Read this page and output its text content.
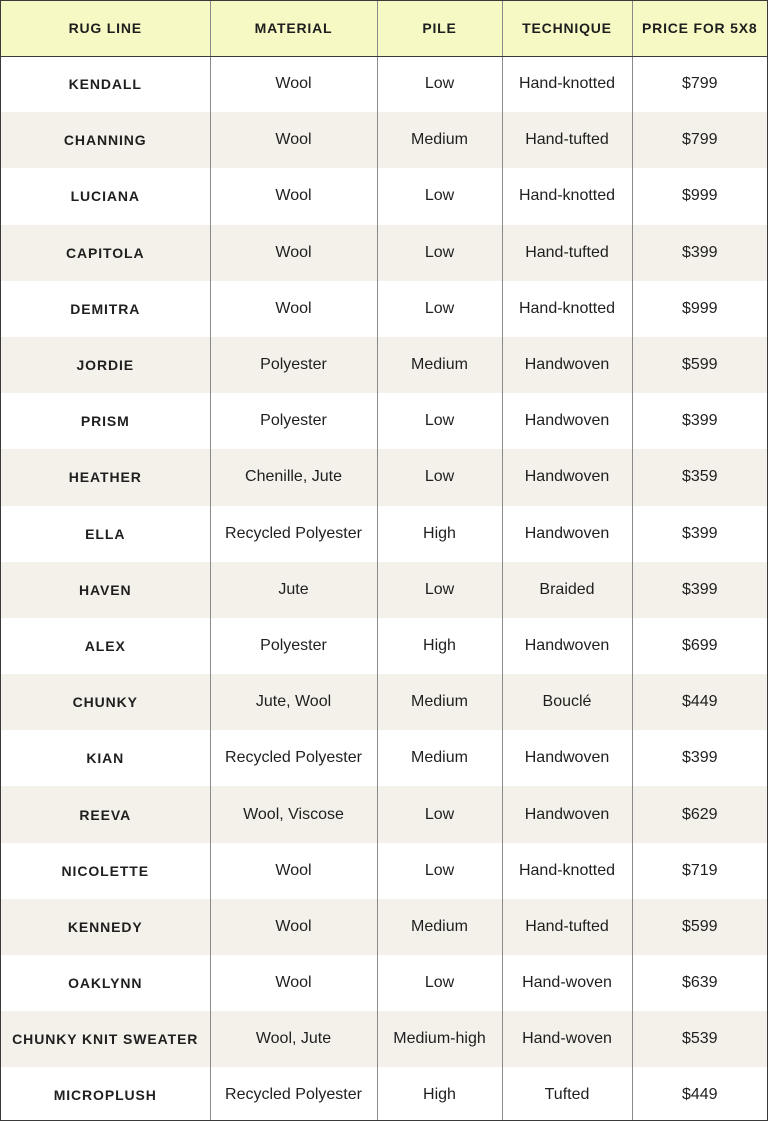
RUG LINE	MATERIAL	PILE	TECHNIQUE	PRICE FOR 5X8
KENDALL	Wool	Low	Hand-knotted	$799
CHANNING	Wool	Medium	Hand-tufted	$799
LUCIANA	Wool	Low	Hand-knotted	$999
CAPITOLA	Wool	Low	Hand-tufted	$399
DEMITRA	Wool	Low	Hand-knotted	$999
JORDIE	Polyester	Medium	Handwoven	$599
PRISM	Polyester	Low	Handwoven	$399
HEATHER	Chenille, Jute	Low	Handwoven	$359
ELLA	Recycled Polyester	High	Handwoven	$399
HAVEN	Jute	Low	Braided	$399
ALEX	Polyester	High	Handwoven	$699
CHUNKY	Jute, Wool	Medium	Bouclé	$449
KIAN	Recycled Polyester	Medium	Handwoven	$399
REEVA	Wool, Viscose	Low	Handwoven	$629
NICOLETTE	Wool	Low	Hand-knotted	$719
KENNEDY	Wool	Medium	Hand-tufted	$599
OAKLYNN	Wool	Low	Hand-woven	$639
CHUNKY KNIT SWEATER	Wool, Jute	Medium-high	Hand-woven	$539
MICROPLUSH	Recycled Polyester	High	Tufted	$449
